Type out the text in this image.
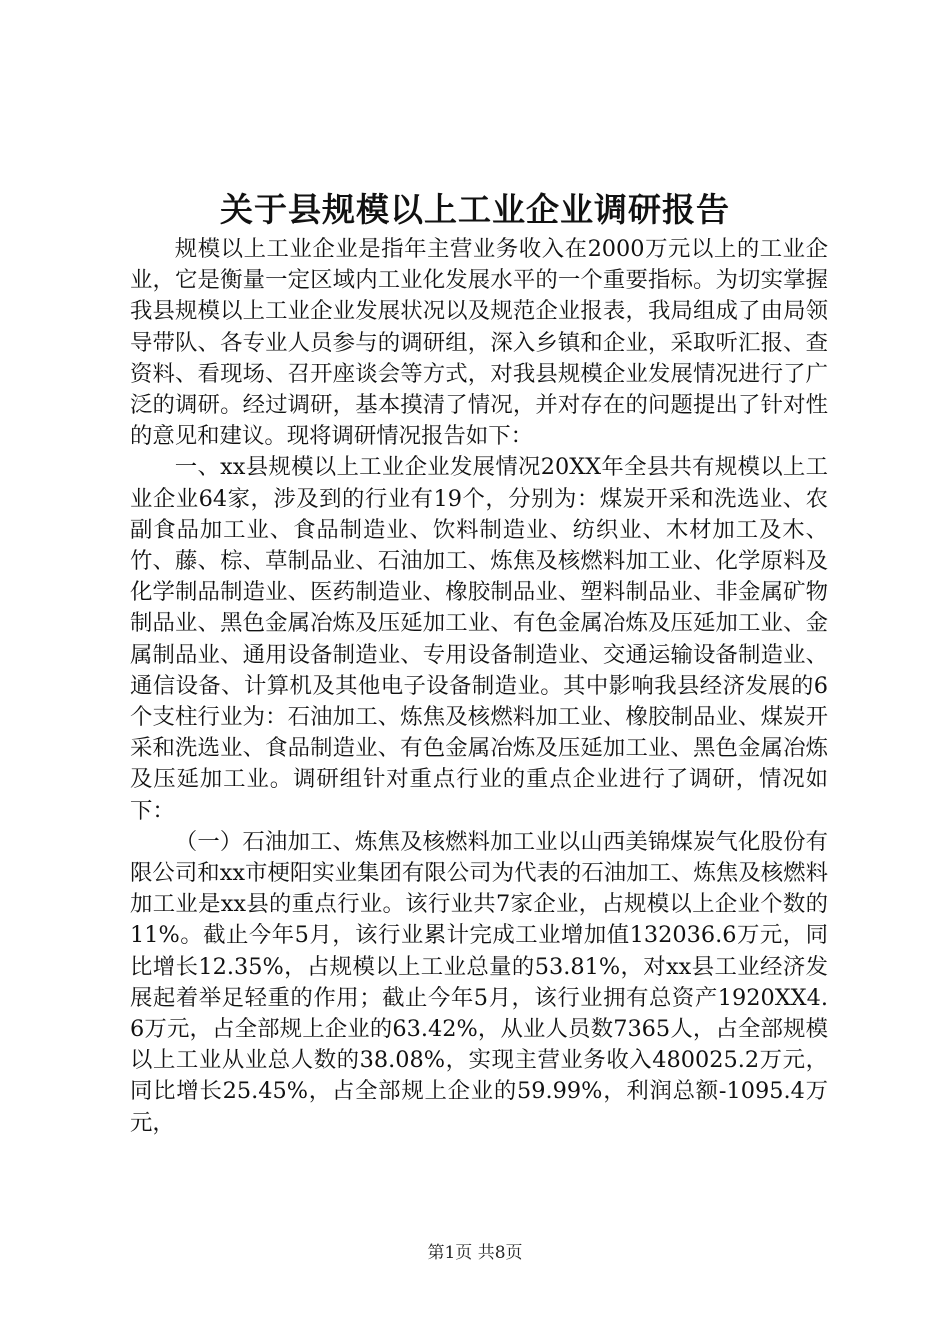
关于县规模以上工业企业调研报告

规模以上工业企业是指年主营业务收入在2000万元以上的工业企业，它是衡量一定区域内工业化发展水平的一个重要指标。为切实掌握我县规模以上工业企业发展状况以及规范企业报表，我局组成了由局领导带队、各专业人员参与的调研组，深入乡镇和企业，采取听汇报、查资料、看现场、召开座谈会等方式，对我县规模企业发展情况进行了广泛的调研。经过调研，基本摸清了情况，并对存在的问题提出了针对性的意见和建议。现将调研情况报告如下：

一、xx县规模以上工业企业发展情况20XX年全县共有规模以上工业企业64家，涉及到的行业有19个，分别为：煤炭开采和洗选业、农副食品加工业、食品制造业、饮料制造业、纺织业、木材加工及木、竹、藤、棕、草制品业、石油加工、炼焦及核燃料加工业、化学原料及化学制品制造业、医药制造业、橡胶制品业、塑料制品业、非金属矿物制品业、黑色金属冶炼及压延加工业、有色金属冶炼及压延加工业、金属制品业、通用设备制造业、专用设备制造业、交通运输设备制造业、通信设备、计算机及其他电子设备制造业。其中影响我县经济发展的6个支柱行业为：石油加工、炼焦及核燃料加工业、橡胶制品业、煤炭开采和洗选业、食品制造业、有色金属冶炼及压延加工业、黑色金属冶炼及压延加工业。调研组针对重点行业的重点企业进行了调研，情况如下：

（一）石油加工、炼焦及核燃料加工业以山西美锦煤炭气化股份有限公司和xx市梗阳实业集团有限公司为代表的石油加工、炼焦及核燃料加工业是xx县的重点行业。该行业共7家企业，占规模以上企业个数的11%。截止今年5月，该行业累计完成工业增加值132036.6万元，同比增长12.35%，占规模以上工业总量的53.81%，对xx县工业经济发展起着举足轻重的作用；截止今年5月，该行业拥有总资产1920XX4.6万元，占全部规上企业的63.42%，从业人员数7365人，占全部规模以上工业从业总人数的38.08%，实现主营业务收入480025.2万元，同比增长25.45%，占全部规上企业的59.99%，利润总额-1095.4万元，

第1页 共8页
